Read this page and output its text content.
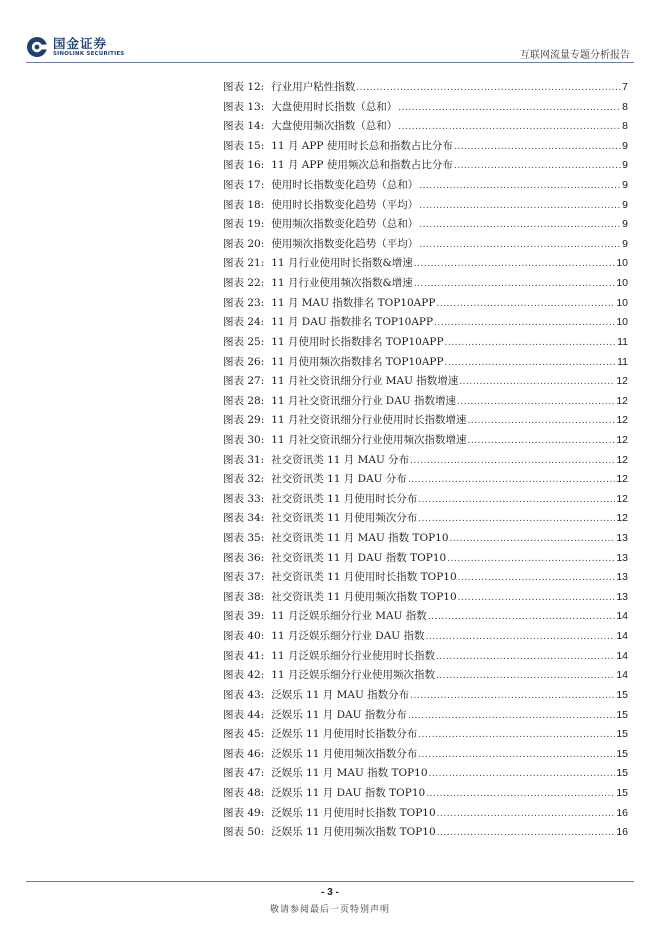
国金证券
SINOLINK SECURITIES	互联网流量专题分析报告
图表 12: 行业用户粘性指数 .....	7
图表 13: 大盘使用时长指数（总和） .....	8
图表 14: 大盘使用频次指数（总和） .....	8
图表 15: 11 月 APP 使用时长总和指数占比分布 .....	9
图表 16: 11 月 APP 使用频次总和指数占比分布 .....	9
图表 17: 使用时长指数变化趋势（总和） .....	9
图表 18: 使用时长指数变化趋势（平均） .....	9
图表 19: 使用频次指数变化趋势（总和） .....	9
图表 20: 使用频次指数变化趋势（平均） .....	9
图表 21: 11 月行业使用时长指数&增速 .....	10
图表 22: 11 月行业使用频次指数&增速 .....	10
图表 23: 11 月 MAU 指数排名 TOP10APP .....	10
图表 24: 11 月 DAU 指数排名 TOP10APP .....	10
图表 25: 11 月使用时长指数排名 TOP10APP .....	11
图表 26: 11 月使用频次指数排名 TOP10APP .....	11
图表 27: 11 月社交资讯细分行业 MAU 指数增速 .....	12
图表 28: 11 月社交资讯细分行业 DAU 指数增速 .....	12
图表 29: 11 月社交资讯细分行业使用时长指数增速 .....	12
图表 30: 11 月社交资讯细分行业使用频次指数增速 .....	12
图表 31: 社交资讯类 11 月 MAU 分布 .....	12
图表 32: 社交资讯类 11 月 DAU 分布 .....	12
图表 33: 社交资讯类 11 月使用时长分布 .....	12
图表 34: 社交资讯类 11 月使用频次分布 .....	12
图表 35: 社交资讯类 11 月 MAU 指数 TOP10 .....	13
图表 36: 社交资讯类 11 月 DAU 指数 TOP10 .....	13
图表 37: 社交资讯类 11 月使用时长指数 TOP10 .....	13
图表 38: 社交资讯类 11 月使用频次指数 TOP10 .....	13
图表 39: 11 月泛娱乐细分行业 MAU 指数 .....	14
图表 40: 11 月泛娱乐细分行业 DAU 指数 .....	14
图表 41: 11 月泛娱乐细分行业使用时长指数 .....	14
图表 42: 11 月泛娱乐细分行业使用频次指数 .....	14
图表 43: 泛娱乐 11 月 MAU 指数分布 .....	15
图表 44: 泛娱乐 11 月 DAU 指数分布 .....	15
图表 45: 泛娱乐 11 月使用时长指数分布 .....	15
图表 46: 泛娱乐 11 月使用频次指数分布 .....	15
图表 47: 泛娱乐 11 月 MAU 指数 TOP10 .....	15
图表 48: 泛娱乐 11 月 DAU 指数 TOP10 .....	15
图表 49: 泛娱乐 11 月使用时长指数 TOP10 .....	16
图表 50: 泛娱乐 11 月使用频次指数 TOP10 .....	16
- 3 -
敬请参阅最后一页特别声明
